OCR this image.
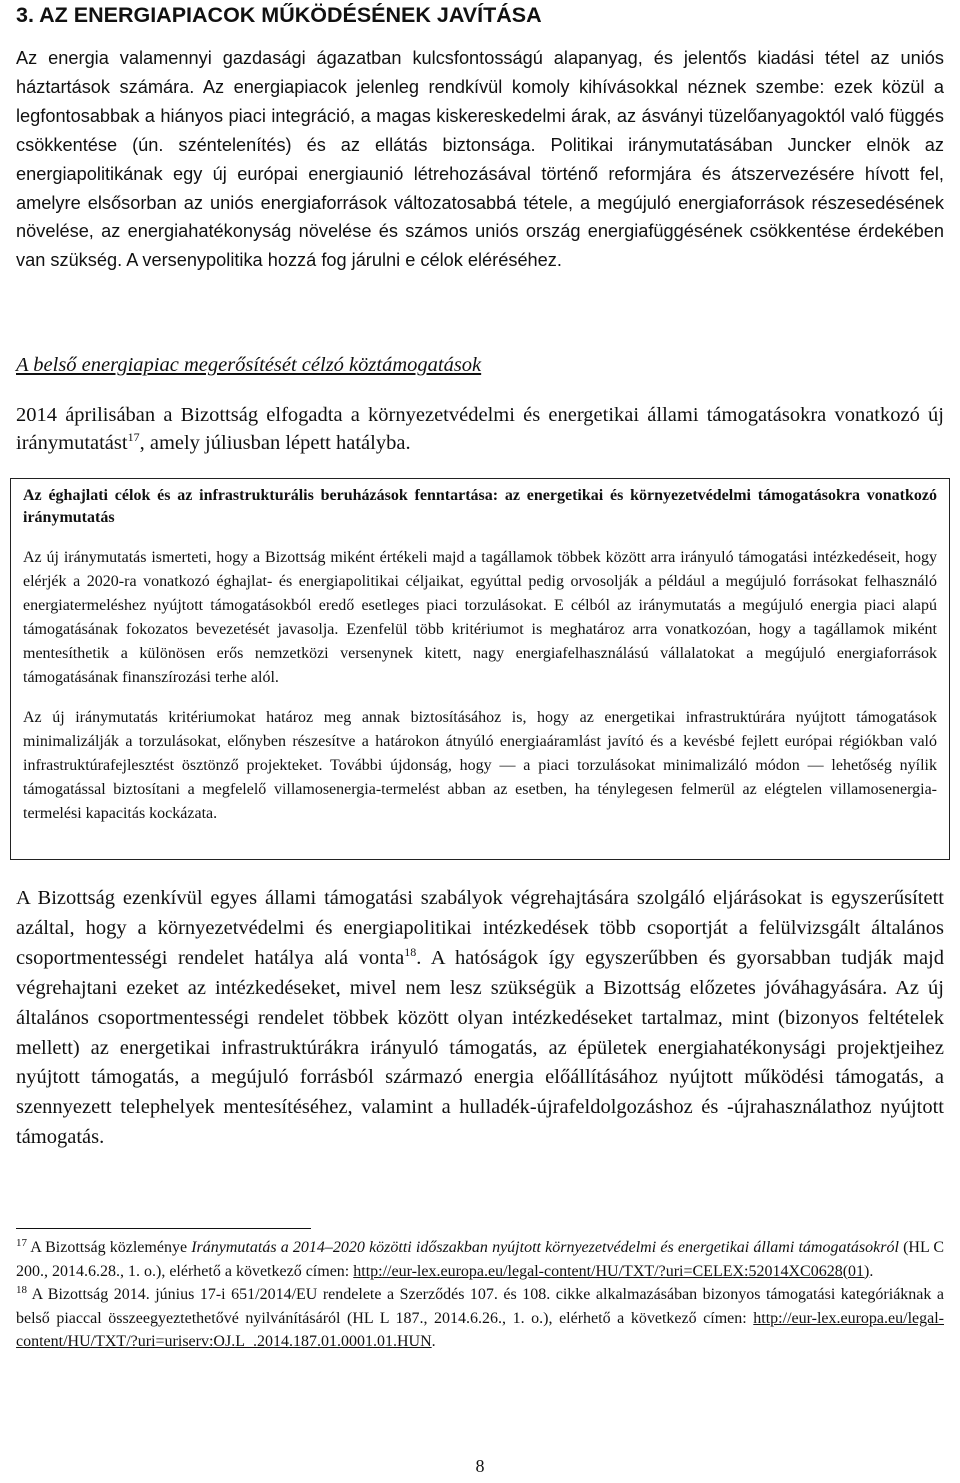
3. AZ ENERGIAPIACOK MŰKÖDÉSÉNEK JAVÍTÁSA

Az energia valamennyi gazdasági ágazatban kulcsfontosságú alapanyag, és jelentős kiadási tétel az uniós háztartások számára. Az energiapiacok jelenleg rendkívül komoly kihívásokkal néznek szembe: ezek közül a legfontosabbak a hiányos piaci integráció, a magas kiskereskedelmi árak, az ásványi tüzelőanyagoktól való függés csökkentése (ún. széntelenítés) és az ellátás biztonsága. Politikai iránymutatásában Juncker elnök az energiapolitikának egy új európai energiaunió létrehozásával történő reformjára és átszervezésére hívott fel, amelyre elsősorban az uniós energiaforrások változatosabbá tétele, a megújuló energiaforrások részesedésének növelése, az energiahatékonyság növelése és számos uniós ország energiafüggésének csökkentése érdekében van szükség. A versenypolitika hozzá fog járulni e célok eléréséhez.

A belső energiapiac megerősítését célzó köztámogatások

2014 áprilisában a Bizottság elfogadta a környezetvédelmi és energetikai állami támogatásokra vonatkozó új iránymutatást$^{17}$, amely júliusban lépett hatályba.

Az éghajlati célok és az infrastrukturális beruházások fenntartása: az energetikai és környezetvédelmi támogatásokra vonatkozó iránymutatás

Az új iránymutatás ismerteti, hogy a Bizottság miként értékeli majd a tagállamok többek között arra irányuló támogatási intézkedéseit, hogy elérjék a 2020-ra vonatkozó éghajlat- és energiapolitikai céljaikat, egyúttal pedig orvosolják a például a megújuló forrásokat felhasználó energiatermeléshez nyújtott támogatásokból eredő esetleges piaci torzulásokat. E célból az iránymutatás a megújuló energia piaci alapú támogatásának fokozatos bevezetését javasolja. Ezenfelül több kritériumot is meghatároz arra vonatkozóan, hogy a tagállamok miként mentesíthetik a különösen erős nemzetközi versenynek kitett, nagy energiafelhasználású vállalatokat a megújuló energiaforrások támogatásának finanszírozási terhe alól.

Az új iránymutatás kritériumokat határoz meg annak biztosításához is, hogy az energetikai infrastruktúrára nyújtott támogatások minimalizálják a torzulásokat, előnyben részesítve a határokon átnyúló energiaáramlást javító és a kevésbé fejlett európai régiókban való infrastruktúrafejlesztést ösztönző projekteket. További újdonság, hogy — a piaci torzulásokat minimalizáló módon — lehetőség nyílik támogatással biztosítani a megfelelő villamosenergia-termelést abban az esetben, ha ténylegesen felmerül az elégtelen villamosenergia-termelési kapacitás kockázata.

A Bizottság ezenkívül egyes állami támogatási szabályok végrehajtására szolgáló eljárásokat is egyszerűsített azáltal, hogy a környezetvédelmi és energiapolitikai intézkedések több csoportját a felülvizsgált általános csoportmentességi rendelet hatálya alá vonta$^{18}$. A hatóságok így egyszerűbben és gyorsabban tudják majd végrehajtani ezeket az intézkedéseket, mivel nem lesz szükségük a Bizottság előzetes jóváhagyására. Az új általános csoportmentességi rendelet többek között olyan intézkedéseket tartalmaz, mint (bizonyos feltételek mellett) az energetikai infrastruktúrákra irányuló támogatás, az épületek energiahatékonysági projektjeihez nyújtott támogatás, a megújuló forrásból származó energia előállításához nyújtott működési támogatás, a szennyezett telephelyek mentesítéséhez, valamint a hulladék-újrafeldolgozáshoz és -újrahasználathoz nyújtott támogatás.

$^{17}$ A Bizottság közleménye Iránymutatás a 2014–2020 közötti időszakban nyújtott környezetvédelmi és energetikai állami támogatásokról (HL C 200., 2014.6.28., 1. o.), elérhető a következő címen: http://eur-lex.europa.eu/legal-content/HU/TXT/?uri=CELEX:52014XC0628(01).

$^{18}$ A Bizottság 2014. június 17-i 651/2014/EU rendelete a Szerződés 107. és 108. cikke alkalmazásában bizonyos támogatási kategóriáknak a belső piaccal összeegyeztethetővé nyilvánításáról (HL L 187., 2014.6.26., 1. o.), elérhető a következő címen: http://eur-lex.europa.eu/legal-content/HU/TXT/?uri=uriserv:OJ.L_.2014.187.01.0001.01.HUN.

8
